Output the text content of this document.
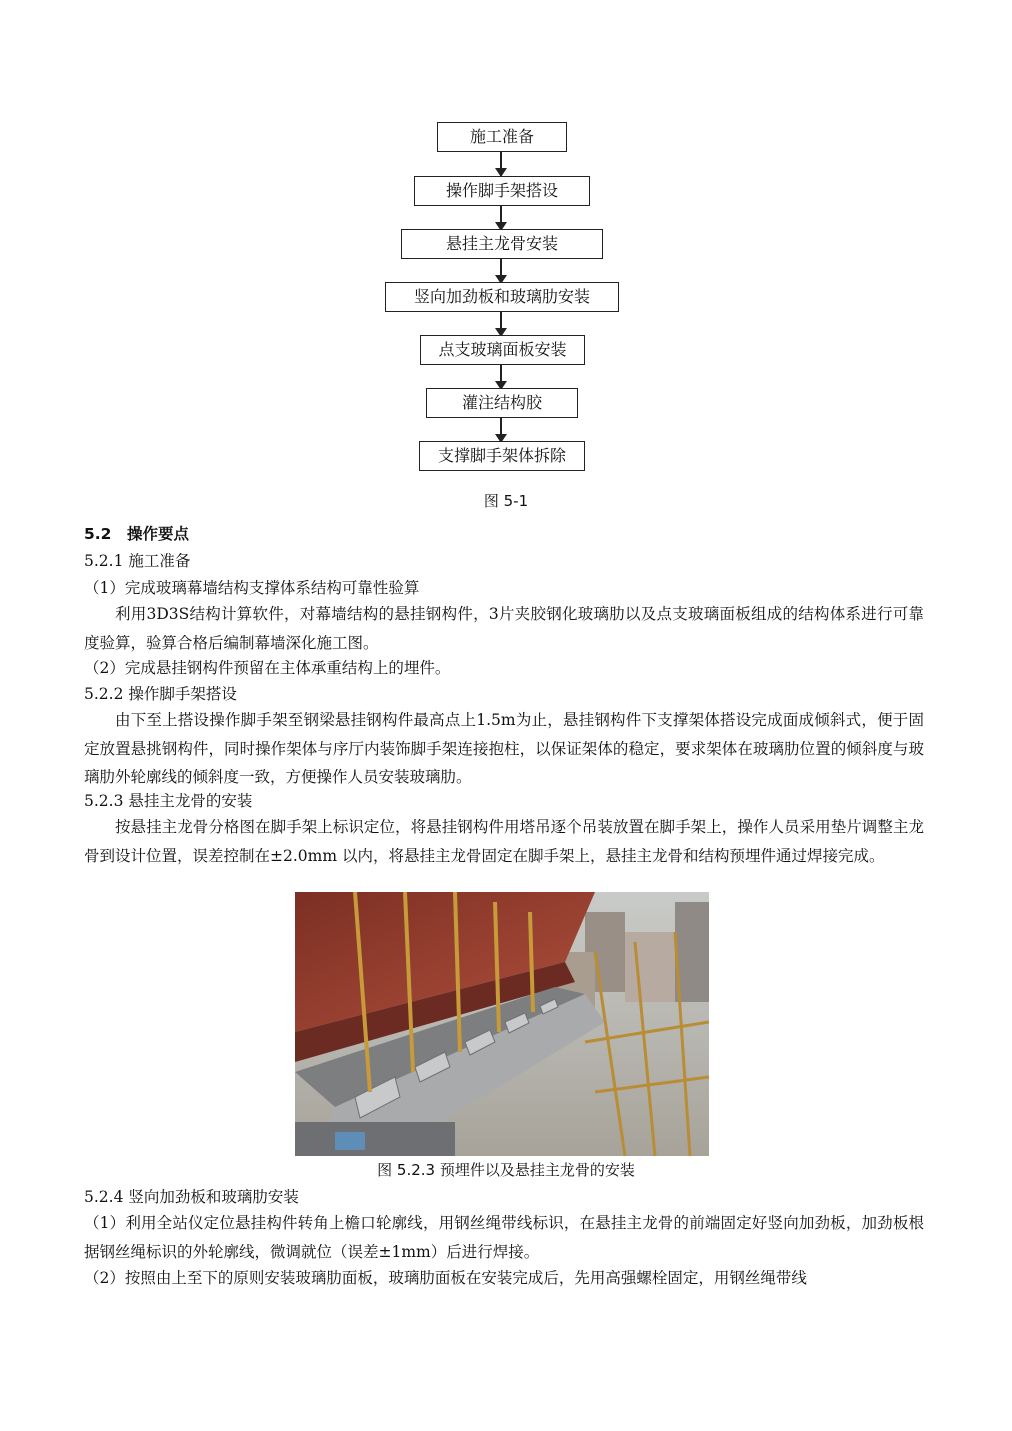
施工准备
操作脚手架搭设
悬挂主龙骨安装
竖向加劲板和玻璃肋安装
点支玻璃面板安装
灌注结构胶
支撑脚手架体拆除
图 5-1
5.2　操作要点
5.2.1 施工准备
（1）完成玻璃幕墙结构支撑体系结构可靠性验算
利用3D3S结构计算软件，对幕墙结构的悬挂钢构件，3片夹胶钢化玻璃肋以及点支玻璃面板组成的结构体系进行可靠度验算，验算合格后编制幕墙深化施工图。
（2）完成悬挂钢构件预留在主体承重结构上的埋件。
5.2.2 操作脚手架搭设
由下至上搭设操作脚手架至钢梁悬挂钢构件最高点上1.5m为止，悬挂钢构件下支撑架体搭设完成面成倾斜式，便于固定放置悬挑钢构件，同时操作架体与序厅内装饰脚手架连接抱柱，以保证架体的稳定，要求架体在玻璃肋位置的倾斜度与玻璃肋外轮廓线的倾斜度一致，方便操作人员安装玻璃肋。
5.2.3 悬挂主龙骨的安装
按悬挂主龙骨分格图在脚手架上标识定位，将悬挂钢构件用塔吊逐个吊装放置在脚手架上，操作人员采用垫片调整主龙骨到设计位置，误差控制在±2.0mm 以内，将悬挂主龙骨固定在脚手架上，悬挂主龙骨和结构预埋件通过焊接完成。
图 5.2.3 预埋件以及悬挂主龙骨的安装
5.2.4 竖向加劲板和玻璃肋安装
（1）利用全站仪定位悬挂构件转角上檐口轮廓线，用钢丝绳带线标识，在悬挂主龙骨的前端固定好竖向加劲板，加劲板根据钢丝绳标识的外轮廓线，微调就位（误差±1mm）后进行焊接。
（2）按照由上至下的原则安装玻璃肋面板，玻璃肋面板在安装完成后，先用高强螺栓固定，用钢丝绳带线
